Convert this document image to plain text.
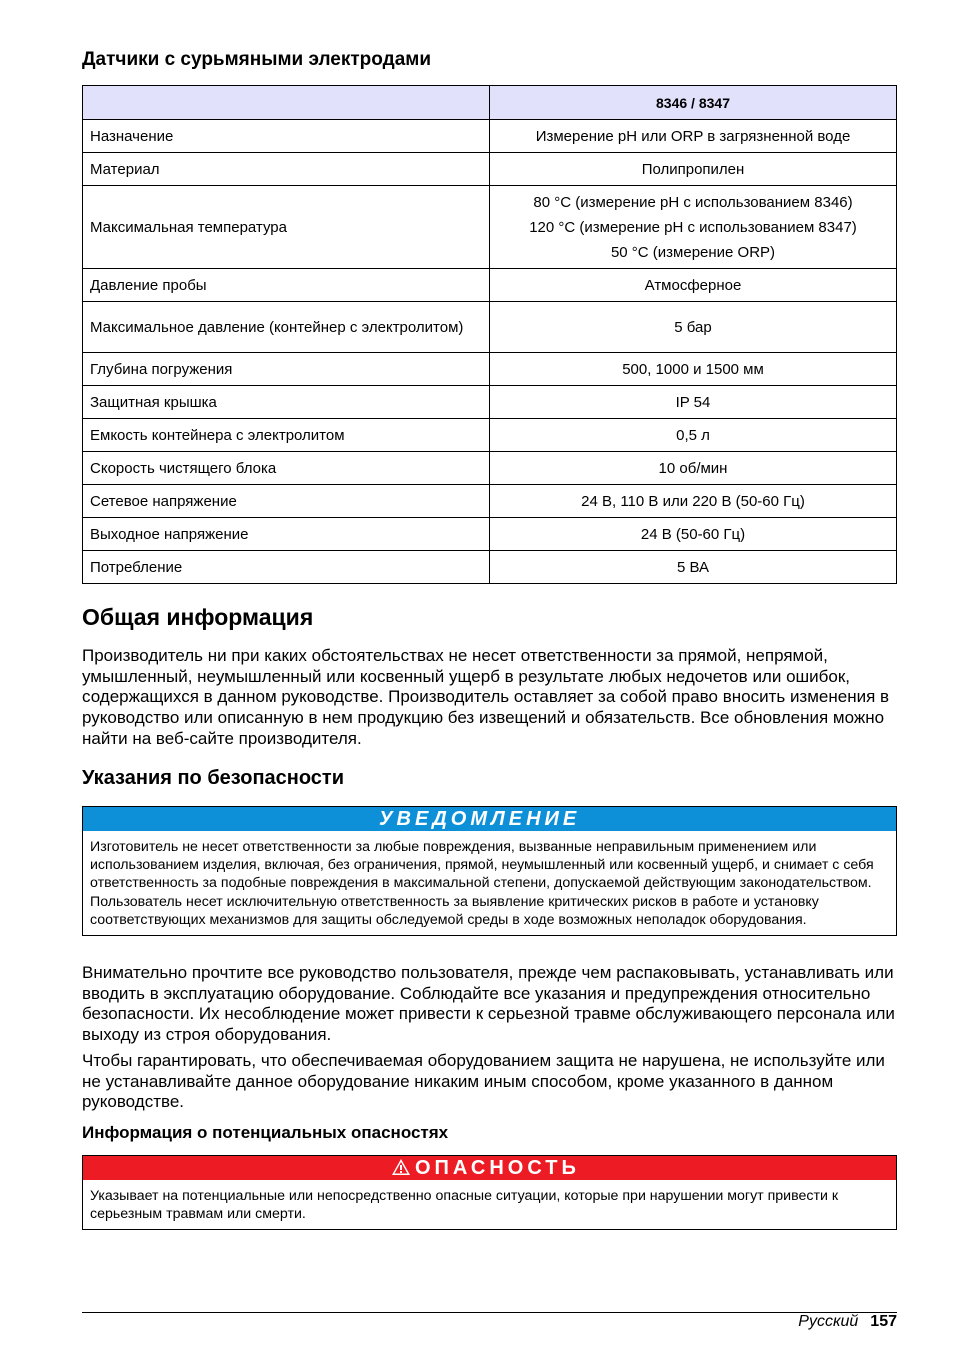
Датчики с сурьмяными электродами
	8346 / 8347
Назначение	Измерение pH или ORP в загрязненной воде

Материал	Полипропилен

Максимальная температура	80 °C (измерение pH с использованием 8346)
120 °C (измерение pH с использованием 8347)
50 °C (измерение ORP)

Давление пробы	Атмосферное

Максимальное давление (контейнер с электролитом)	5 бар

Глубина погружения	500, 1000 и 1500 мм

Защитная крышка	IP 54

Емкость контейнера с электролитом	0,5 л

Скорость чистящего блока	10 об/мин

Сетевое напряжение	24 В, 110 В или 220 В (50-60 Гц)

Выходное напряжение	24 В (50-60 Гц)

Потребление	5 ВА
Общая информация

Производитель ни при каких обстоятельствах не несет ответственности за прямой, непрямой, умышленный, неумышленный или косвенный ущерб в результате любых недочетов или ошибок, содержащихся в данном руководстве. Производитель оставляет за собой право вносить изменения в руководство или описанную в нем продукцию без извещений и обязательств. Все обновления можно найти на веб-сайте производителя.

Указания по безопасности
УВЕДОМЛЕНИЕ
Изготовитель не несет ответственности за любые повреждения, вызванные неправильным применением или использованием изделия, включая, без ограничения, прямой, неумышленный или косвенный ущерб, и снимает с себя ответственность за подобные повреждения в максимальной степени, допускаемой действующим законодательством. Пользователь несет исключительную ответственность за выявление критических рисков в работе и установку соответствующих механизмов для защиты обследуемой среды в ходе возможных неполадок оборудования.

Внимательно прочтите все руководство пользователя, прежде чем распаковывать, устанавливать или вводить в эксплуатацию оборудование. Соблюдайте все указания и предупреждения относительно безопасности. Их несоблюдение может привести к серьезной травме обслуживающего персонала или выходу из строя оборудования.

Чтобы гарантировать, что обеспечиваемая оборудованием защита не нарушена, не используйте или не устанавливайте данное оборудование никаким иным способом, кроме указанного в данном руководстве.

Информация о потенциальных опасностях
ОПАСНОСТЬ
Указывает на потенциальные или непосредственно опасные ситуации, которые при нарушении могут привести к серьезным травмам или смерти.
Русский 157
